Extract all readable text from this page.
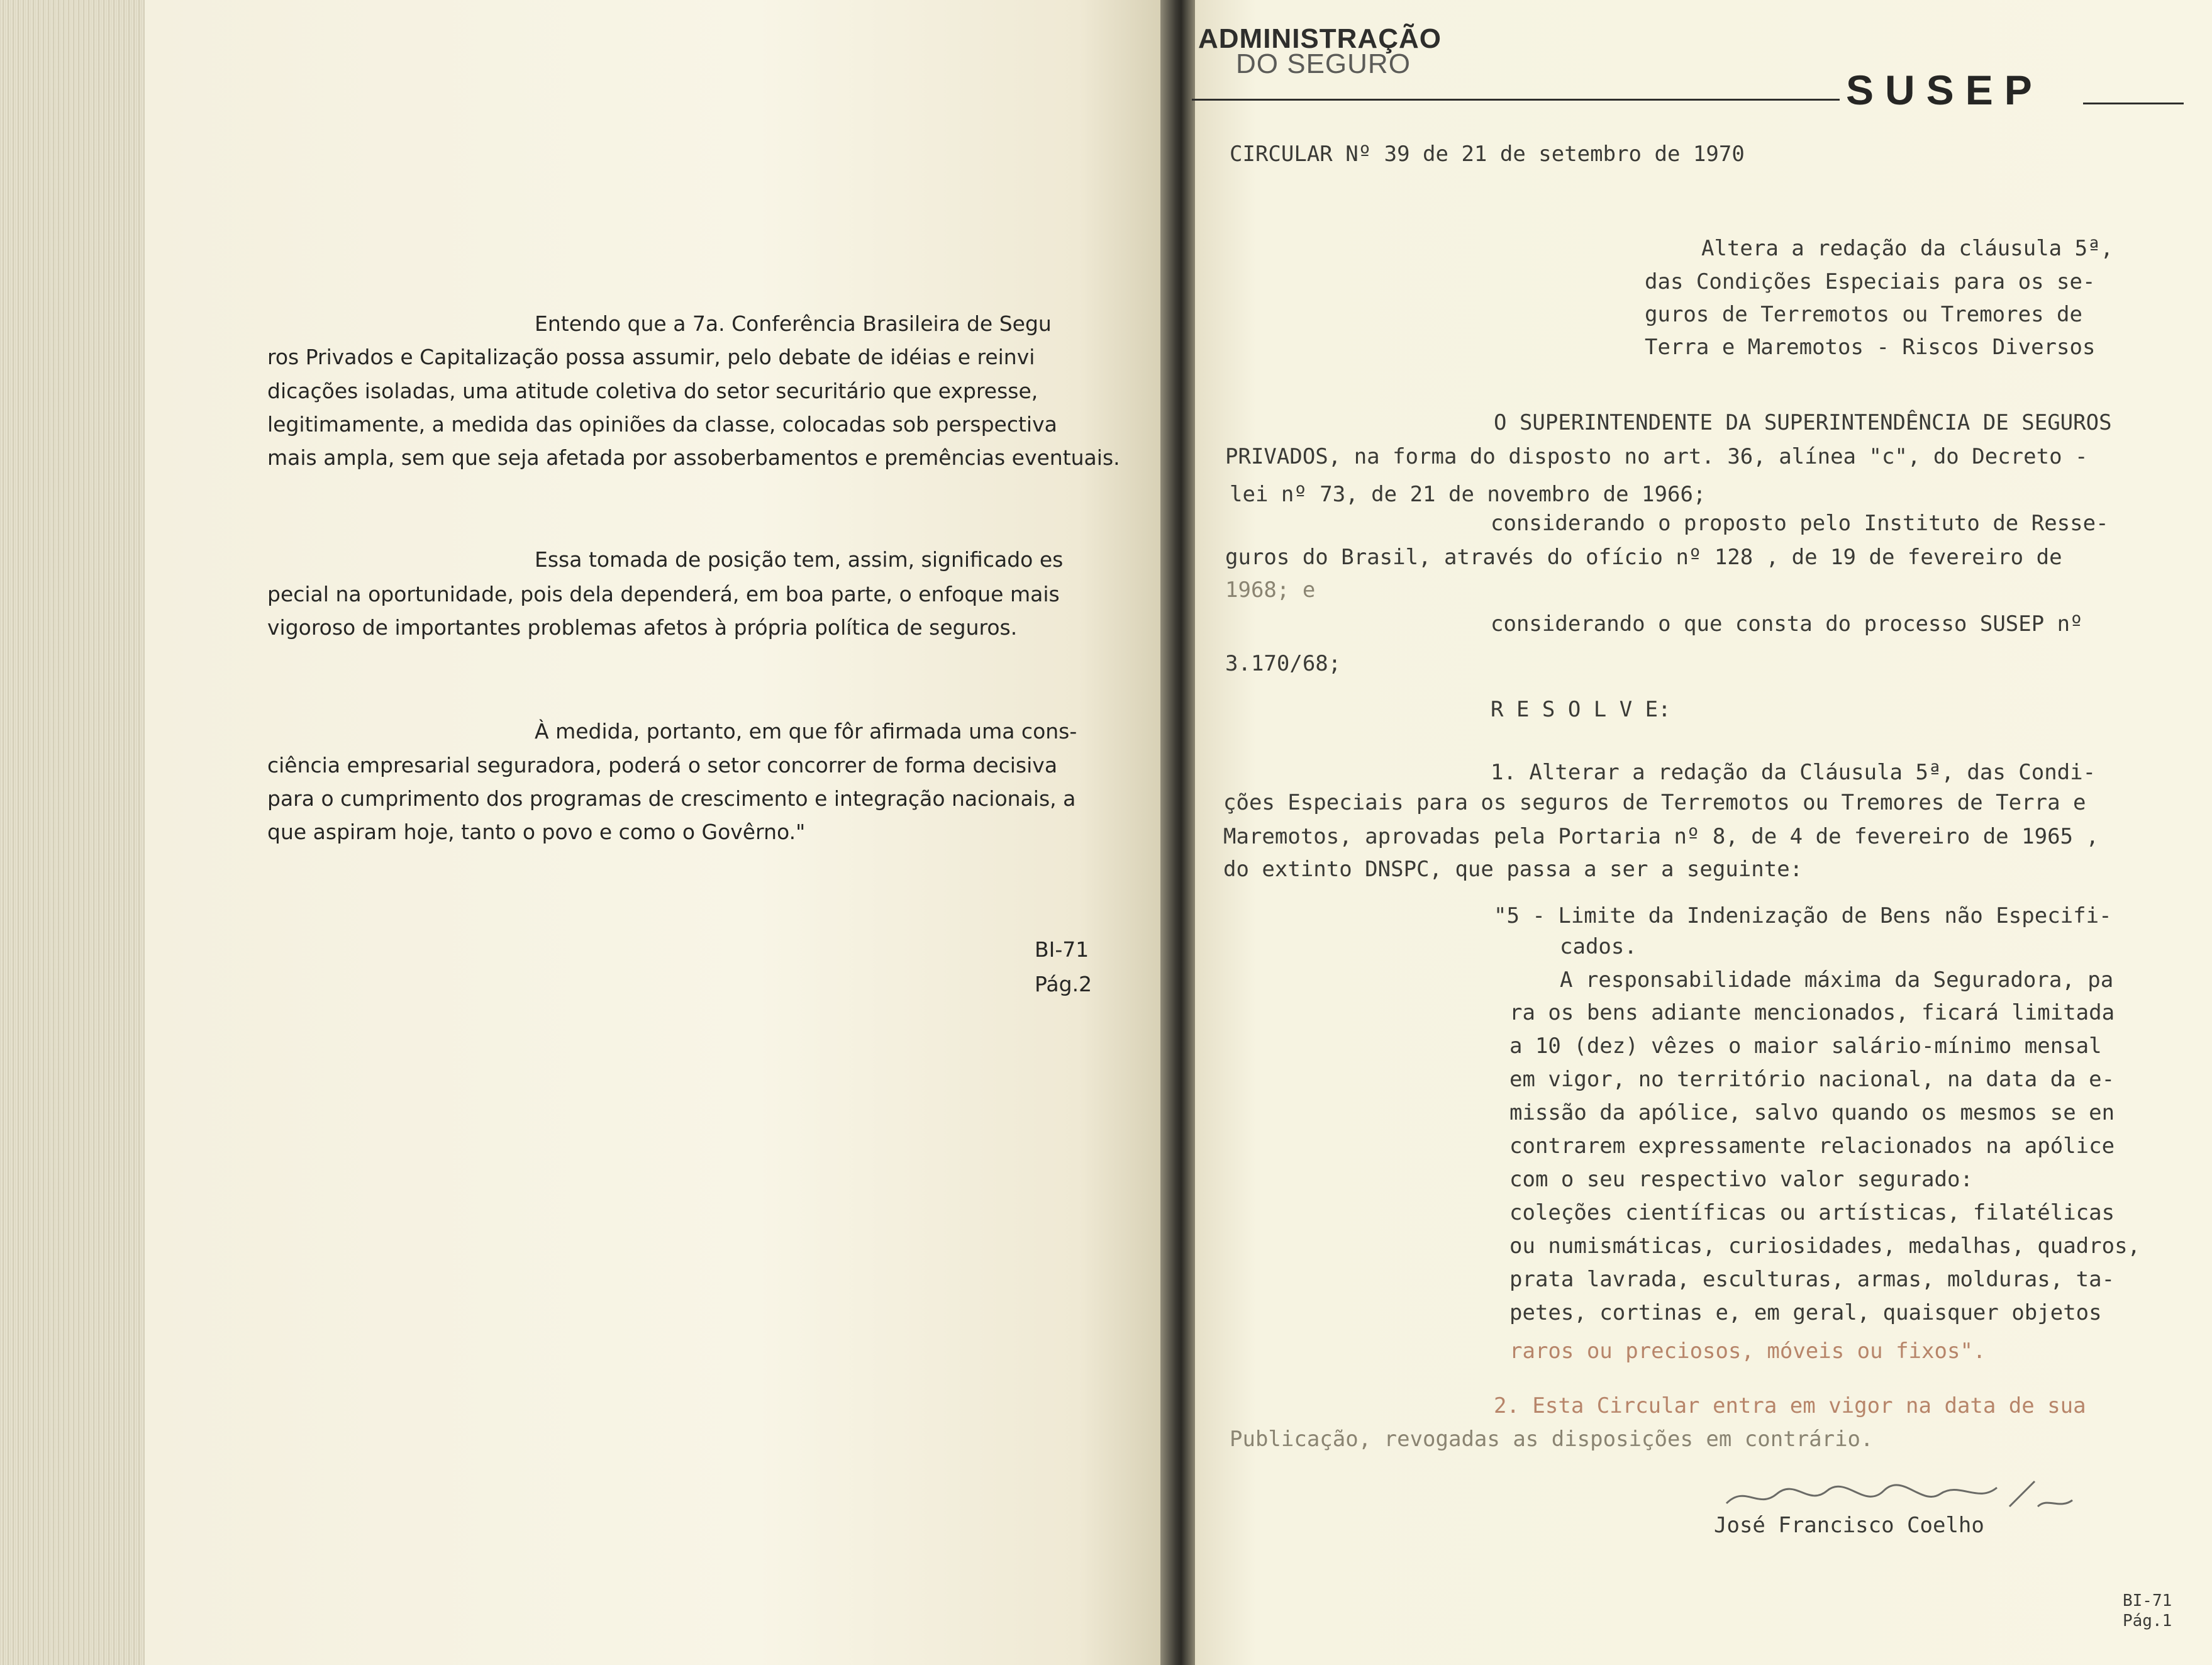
Entendo que a 7a. Conferência Brasileira de Segu
ros Privados e Capitalização possa assumir, pelo debate de idéias e reinvi
dicações isoladas, uma atitude coletiva do setor securitário que expresse,
legitimamente, a medida das opiniões da classe, colocadas sob perspectiva
mais ampla, sem que seja afetada por assoberbamentos e premências eventuais.
Essa tomada de posição tem, assim, significado es
pecial na oportunidade, pois dela dependerá, em boa parte, o enfoque mais
vigoroso de importantes problemas afetos à própria política de seguros.
À medida, portanto, em que fôr afirmada uma cons-
ciência empresarial seguradora, poderá o setor concorrer de forma decisiva
para o cumprimento dos programas de crescimento e integração nacionais, a
que aspiram hoje, tanto o povo e como o Govêrno."
BI-71
Pág.2
ADMINISTRAÇÃO
DO SEGURO
SUSEP
CIRCULAR Nº 39 de 21 de setembro de 1970
Altera a redação da cláusula 5ª,
das Condições Especiais para os se-
guros de Terremotos ou Tremores de
Terra e Maremotos - Riscos Diversos
O SUPERINTENDENTE DA SUPERINTENDÊNCIA DE SEGUROS
PRIVADOS, na forma do disposto no art. 36, alínea "c", do Decreto -
lei nº 73, de 21 de novembro de 1966;
considerando o proposto pelo Instituto de Resse-
guros do Brasil, através do ofício nº 128 , de 19 de fevereiro de
1968; e
considerando o que consta do processo SUSEP nº
3.170/68;
R E S O L V E:
1. Alterar a redação da Cláusula 5ª, das Condi-
ções Especiais para os seguros de Terremotos ou Tremores de Terra e
Maremotos, aprovadas pela Portaria nº 8, de 4 de fevereiro de 1965 ,
do extinto DNSPC, que passa a ser a seguinte:
"5 - Limite da Indenização de Bens não Especifi-
cados.
A responsabilidade máxima da Seguradora, pa
ra os bens adiante mencionados, ficará limitada
a 10 (dez) vêzes o maior salário-mínimo mensal
em vigor, no território nacional, na data da e-
missão da apólice, salvo quando os mesmos se en
contrarem expressamente relacionados na apólice
com o seu respectivo valor segurado:
coleções científicas ou artísticas, filatélicas
ou numismáticas, curiosidades, medalhas, quadros,
prata lavrada, esculturas, armas, molduras, ta-
petes, cortinas e, em geral, quaisquer objetos
raros ou preciosos, móveis ou fixos".
2. Esta Circular entra em vigor na data de sua
Publicação, revogadas as disposições em contrário.
José Francisco Coelho
BI-71
Pág.1
